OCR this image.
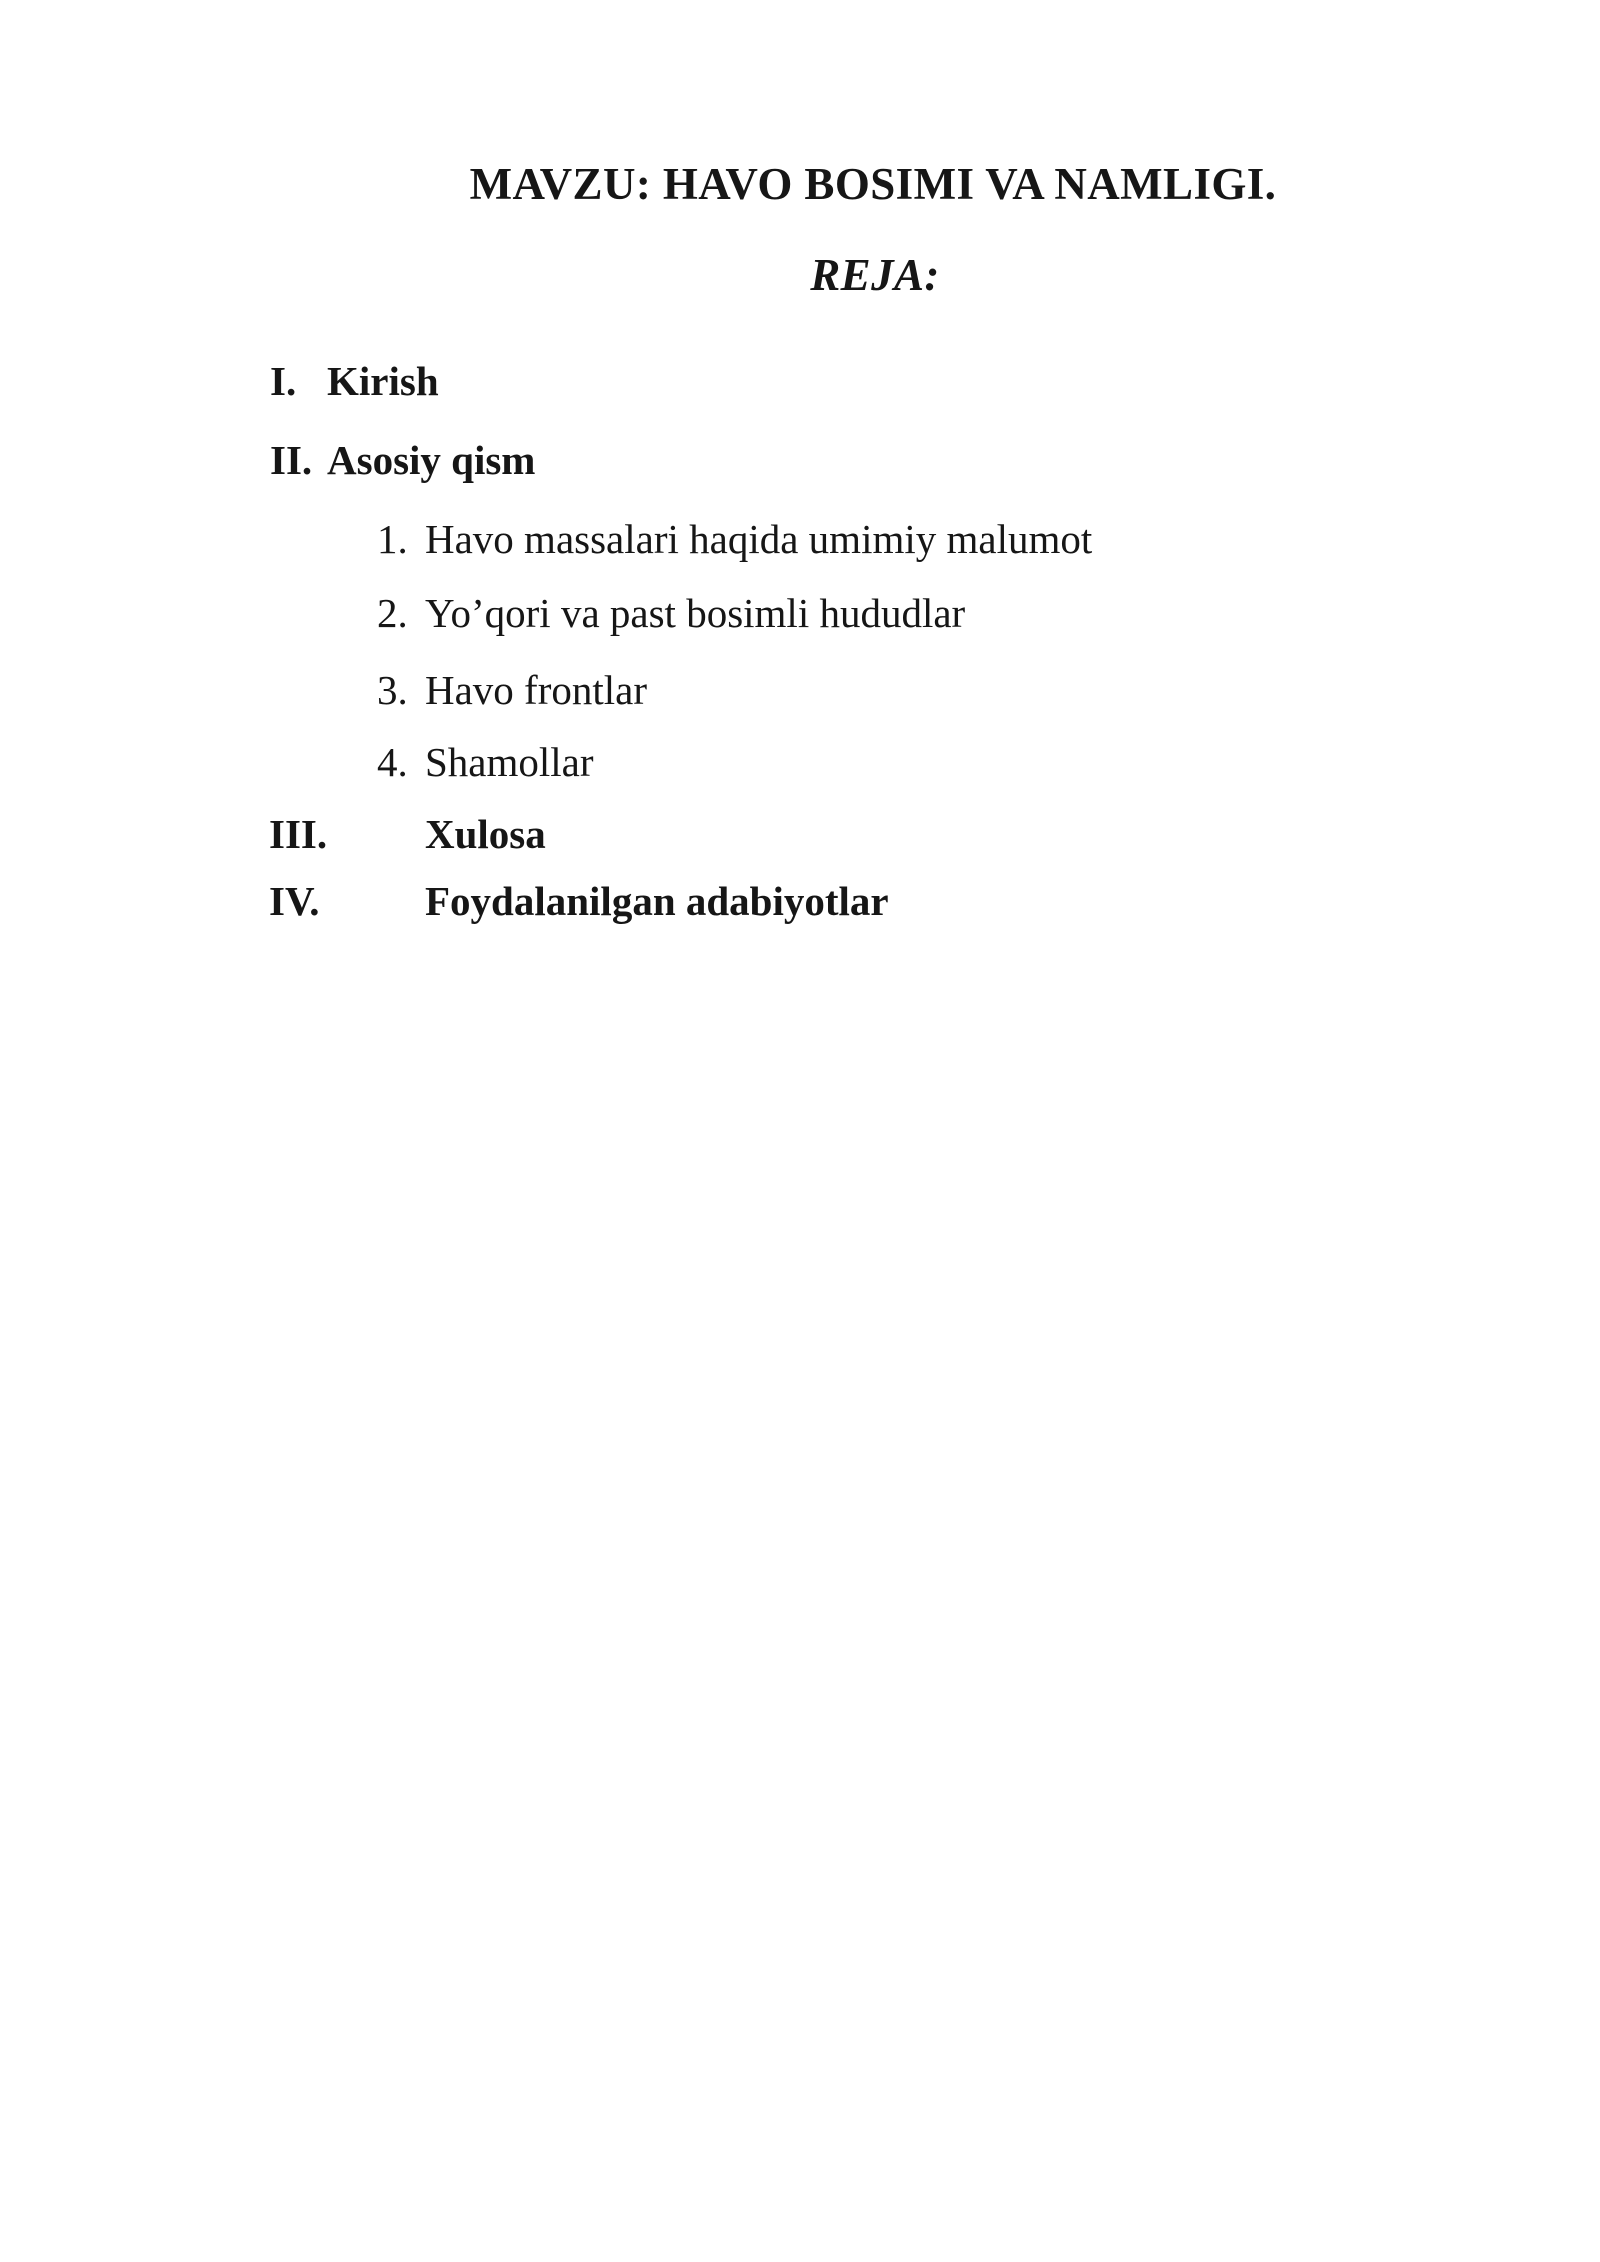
MAVZU: HAVO BOSIMI VA NAMLIGI.
REJA:
I. Kirish
II. Asosiy qism
1. Havo massalari haqida umimiy malumot
2. Yo’qori va past bosimli hududlar
3. Havo frontlar
4. Shamollar
III.	Xulosa
IV.	Foydalanilgan adabiyotlar
